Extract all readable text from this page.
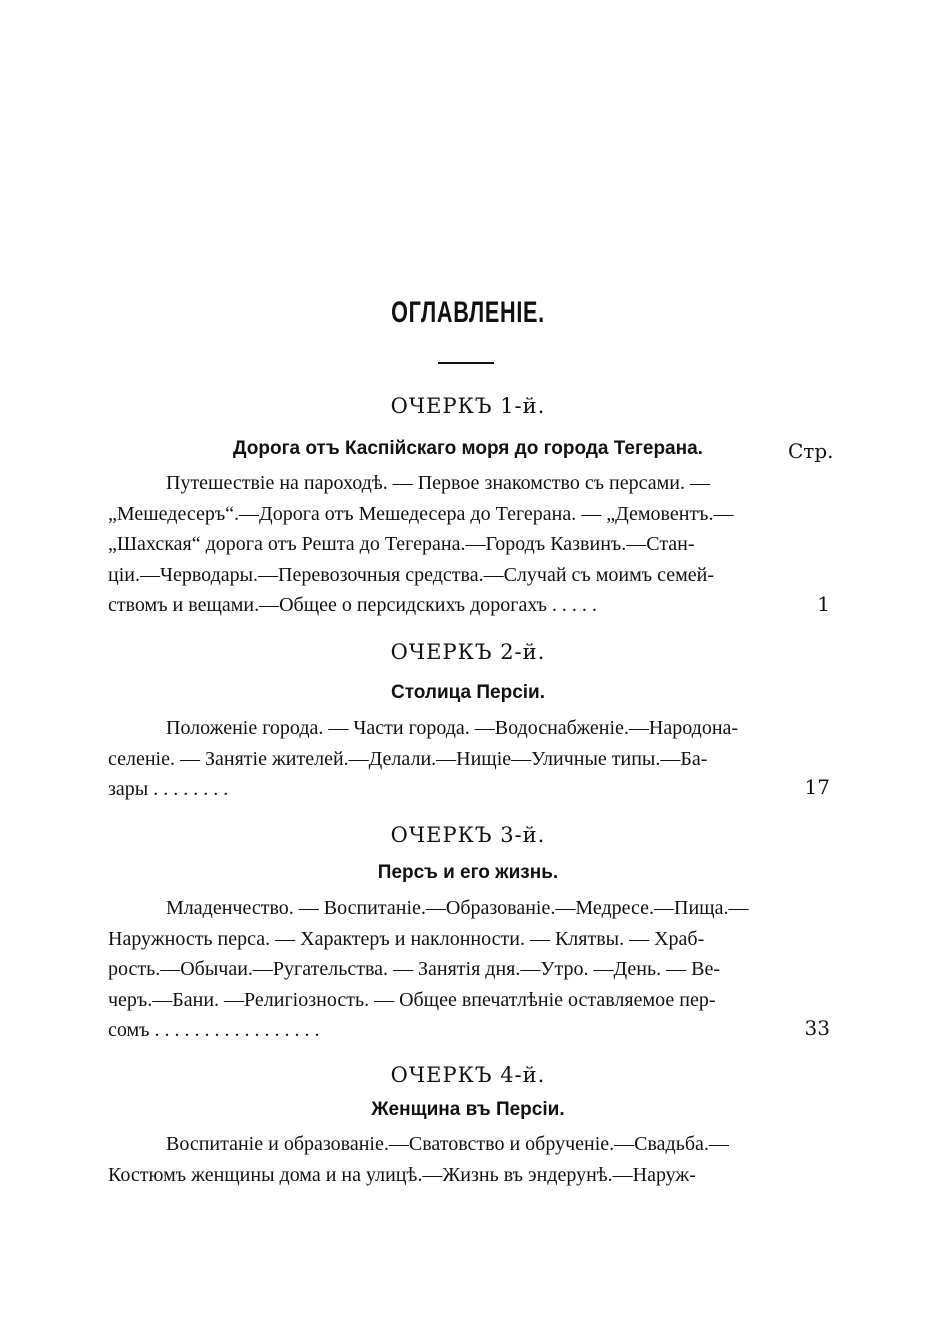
ОГЛАВЛЕНІЕ.
ОЧЕРКЪ 1-й.
Дорога отъ Каспійскаго моря до города Тегерана.	Стр.
Путешествіе на пароходѣ. — Первое знакомство съ персами. —
„Мешедесеръ“.—Дорога отъ Мешедесера до Тегерана. — „Демовентъ.—
„Шахская“ дорога отъ Решта до Тегерана.—Городъ Казвинъ.—Стан-
ціи.—Черводары.—Перевозочныя средства.—Случай съ моимъ семей-
ствомъ и вещами.—Общее о персидскихъ дорогахъ . . . . .	1
ОЧЕРКЪ 2-й.
Столица Персіи.
Положеніе города. — Части города. —Водоснабженіе.—Народона-
селеніе. — Занятіе жителей.—Делали.—Нищіе—Уличные типы.—Ба-
зары . . . . . . . .	17
ОЧЕРКЪ 3-й.
Персъ и его жизнь.
Младенчество. — Воспитаніе.—Образованіе.—Медресе.—Пища.—
Наружность перса. — Характеръ и наклонности. — Клятвы. — Храб-
рость.—Обычаи.—Ругательства. — Занятія дня.—Утро. —День. — Ве-
черъ.—Бани. —Религіозность. — Общее впечатлѣніе оставляемое пер-
сомъ . . . . . . . . . . . . . . . . .	33
ОЧЕРКЪ 4-й.
Женщина въ Персіи.
Воспитаніе и образованіе.—Сватовство и обрученіе.—Свадьба.—
Костюмъ женщины дома и на улицѣ.—Жизнь въ эндерунѣ.—Наруж-
